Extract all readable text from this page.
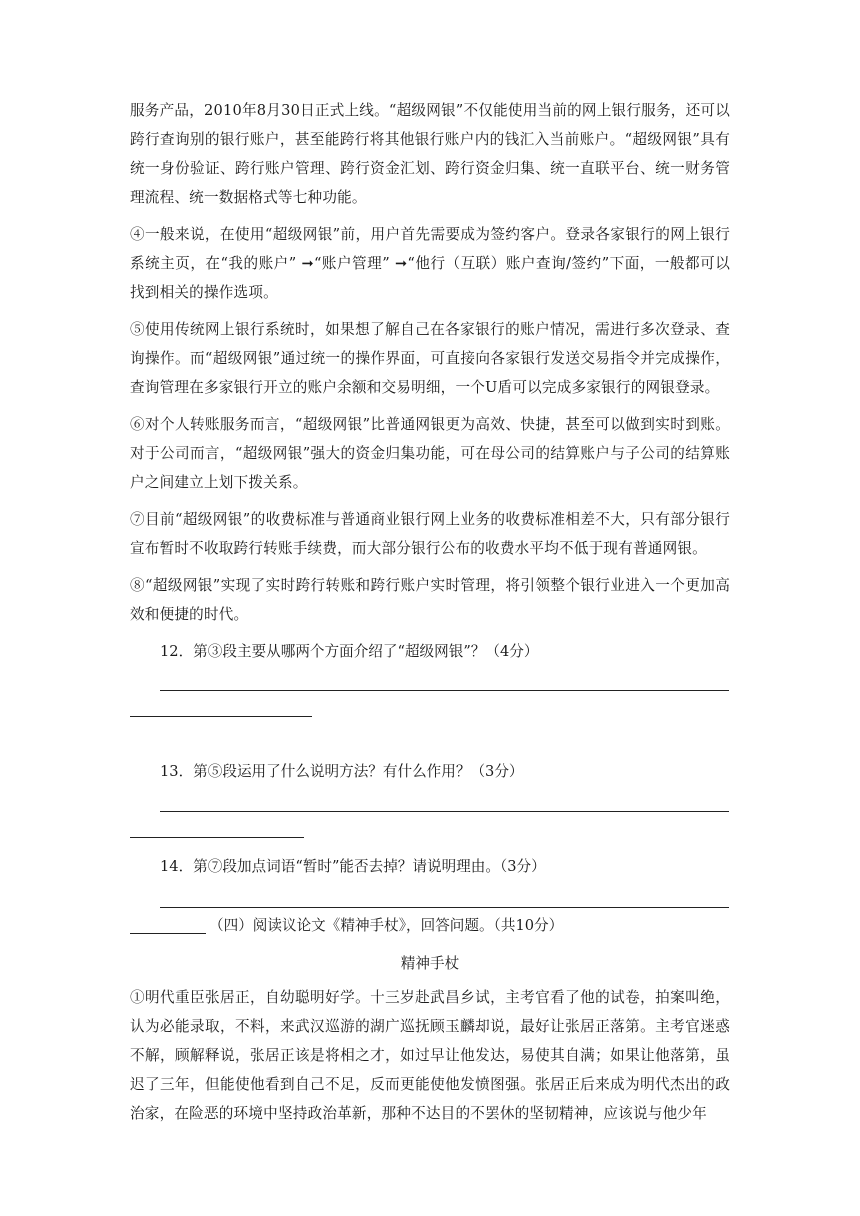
服务产品，2010年8月30日正式上线。“超级网银”不仅能使用当前的网上银行服务，还可以跨行查询别的银行账户，甚至能跨行将其他银行账户内的钱汇入当前账户。“超级网银”具有统一身份验证、跨行账户管理、跨行资金汇划、跨行资金归集、统一直联平台、统一财务管理流程、统一数据格式等七种功能。

④一般来说，在使用“超级网银”前，用户首先需要成为签约客户。登录各家银行的网上银行系统主页，在“我的账户” ➞“账户管理” ➞“他行（互联）账户查询/签约”下面，一般都可以找到相关的操作选项。

⑤使用传统网上银行系统时，如果想了解自己在各家银行的账户情况，需进行多次登录、查询操作。而“超级网银”通过统一的操作界面，可直接向各家银行发送交易指令并完成操作，查询管理在多家银行开立的账户余额和交易明细，一个U盾可以完成多家银行的网银登录。

⑥对个人转账服务而言，“超级网银”比普通网银更为高效、快捷，甚至可以做到实时到账。对于公司而言，“超级网银”强大的资金归集功能，可在母公司的结算账户与子公司的结算账户之间建立上划下拨关系。

⑦目前“超级网银”的收费标准与普通商业银行网上业务的收费标准相差不大，只有部分银行宣布暂时不收取跨行转账手续费，而大部分银行公布的收费水平均不低于现有普通网银。

⑧“超级网银”实现了实时跨行转账和跨行账户实时管理，将引领整个银行业进入一个更加高效和便捷的时代。

12．第③段主要从哪两个方面介绍了“超级网银”？（4分）
13．第⑤段运用了什么说明方法？有什么作用？（3分）
14．第⑦段加点词语“暂时”能否去掉？请说明理由。（3分）
（四）阅读议论文《精神手杖》，回答问题。（共10分）
精神手杖
①明代重臣张居正，自幼聪明好学。十三岁赴武昌乡试，主考官看了他的试卷，拍案叫绝，认为必能录取，不料，来武汉巡游的湖广巡抚顾玉麟却说，最好让张居正落第。主考官迷惑不解，顾解释说，张居正该是将相之才，如过早让他发达，易使其自满；如果让他落第，虽迟了三年，但能使他看到自己不足，反而更能使他发愤图强。张居正后来成为明代杰出的政治家，在险恶的环境中坚持政治革新，那种不达目的不罢休的坚韧精神，应该说与他少年
